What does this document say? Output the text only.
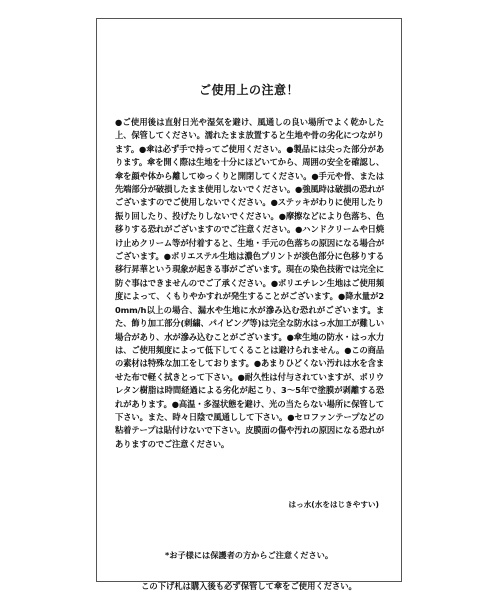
ご使用上の注意！
●ご使用後は直射日光や湿気を避け、風通しの良い場所でよく乾かした上、保管してください。濡れたまま放置すると生地や骨の劣化につながります。●傘は必ず手で持ってご使用ください。●製品には尖った部分があります。傘を開く際は生地を十分にほどいてから、周囲の安全を確認し、傘を顔や体から離してゆっくりと開閉してください。●手元や骨、または先端部分が破損したまま使用しないでください。●強風時は破損の恐れがございますのでご使用しないでください。●ステッキがわりに使用したり振り回したり、投げたりしないでください。●摩擦などにより色落ち、色移りする恐れがございますのでご注意ください。●ハンドクリームや日焼け止めクリーム等が付着すると、生地・手元の色落ちの原因になる場合がございます。●ポリエステル生地は濃色プリントが淡色部分に色移りする移行昇華という現象が起きる事がございます。現在の染色技術では完全に防ぐ事はできませんのでご了承ください。●ポリエチレン生地はご使用頻度によって、くもりやかすれが発生することがございます。●降水量が20mm/h以上の場合、漏水や生地に水が滲み込む恐れがございます。また、飾り加工部分(刺繍、パイピング等)は完全な防水はっ水加工が難しい場合があり、水が滲み込むことがございます。●傘生地の防水・はっ水力は、ご使用頻度によって低下してくることは避けられません。●この商品の素材は特殊な加工をしております。●あまりひどくない汚れは水を含ませた布で軽く拭きとって下さい。●耐久性は付与されていますが、ポリウレタン樹脂は時間経過による劣化が起こり、3～5年で塗膜が剥離する恐れがあります。●高温・多湿状態を避け、光の当たらない場所に保管して下さい。また、時々日陰で風通しして下さい。●セロファンテープなどの粘着テープは貼付けないで下さい。皮膜面の傷や汚れの原因になる恐れがありますのでご注意ください。
はっ水(水をはじきやすい)
*お子様には保護者の方からご注意ください。
この下げ札は購入後も必ず保管して傘をご使用ください。
